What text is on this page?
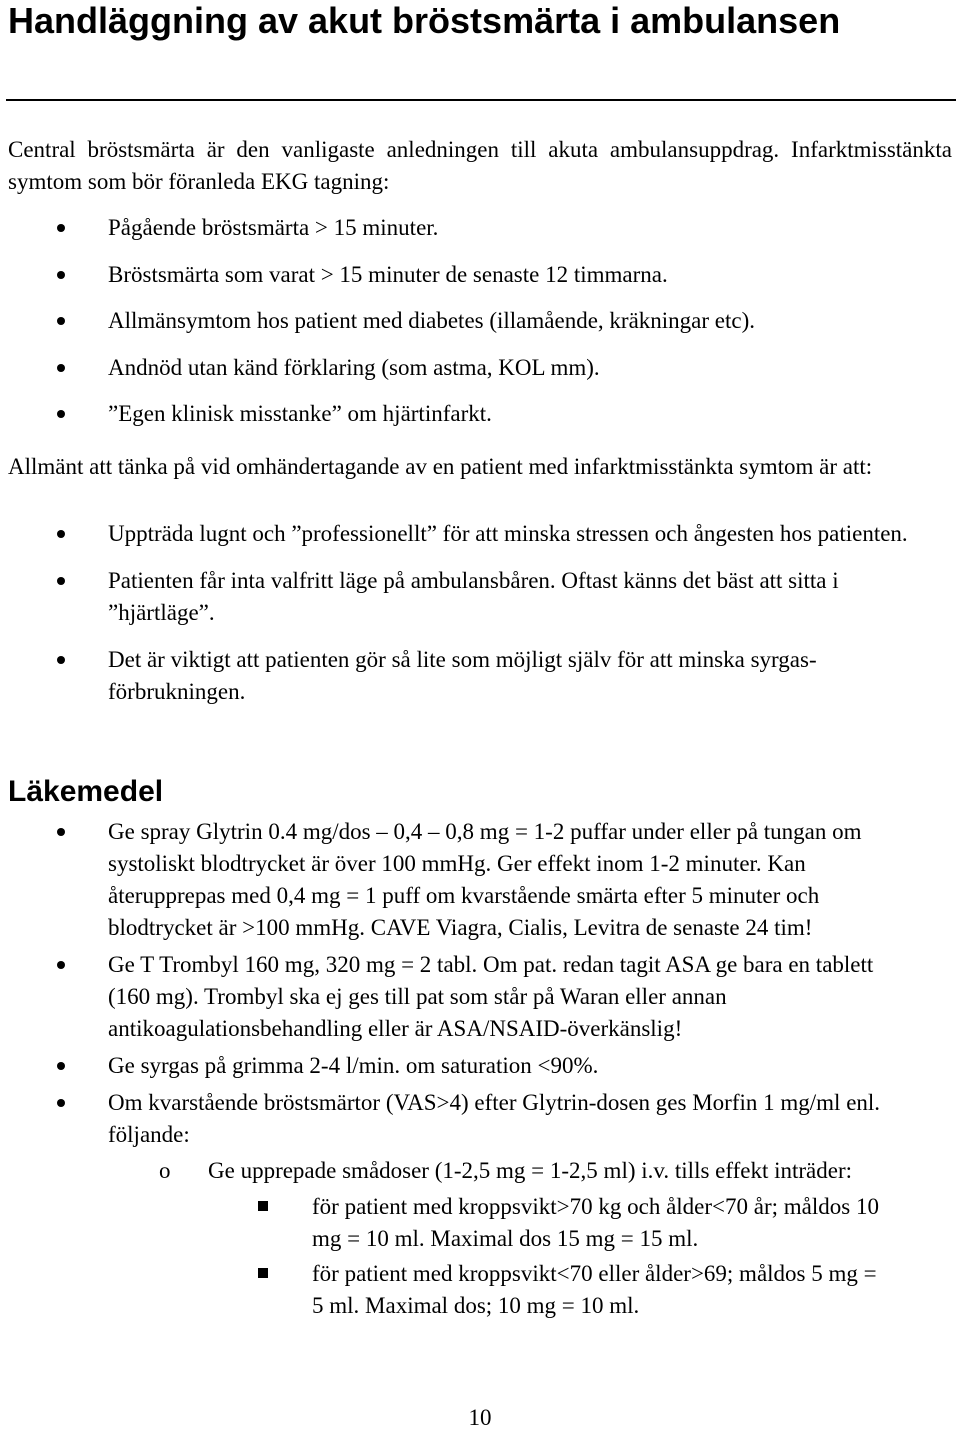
Handläggning av akut bröstsmärta i ambulansen

Central bröstsmärta är den vanligaste anledningen till akuta ambulansuppdrag. Infarktmisstänkta symtom som bör föranleda EKG tagning:

Pågående bröstsmärta > 15 minuter.
Bröstsmärta som varat > 15 minuter de senaste 12 timmarna.
Allmänsymtom hos patient med diabetes (illamående, kräkningar etc).
Andnöd utan känd förklaring (som astma, KOL mm).
”Egen klinisk misstanke” om hjärtinfarkt.

Allmänt att tänka på vid omhändertagande av en patient med infarktmisstänkta symtom är att:

Uppträda lugnt och ”professionellt” för att minska stressen och ångesten hos patienten.
Patienten får inta valfritt läge på ambulansbåren. Oftast känns det bäst att sitta i ”hjärtläge”.
Det är viktigt att patienten gör så lite som möjligt själv för att minska syrgas-förbrukningen.
Läkemedel
Ge spray Glytrin 0.4 mg/dos – 0,4 – 0,8 mg = 1-2 puffar under eller på tungan om systoliskt blodtrycket är över 100 mmHg. Ger effekt inom 1-2 minuter. Kan återupprepas med 0,4 mg = 1 puff om kvarstående smärta efter 5 minuter och blodtrycket är >100 mmHg. CAVE Viagra, Cialis, Levitra de senaste 24 tim!
Ge T Trombyl 160 mg, 320 mg = 2 tabl. Om pat. redan tagit ASA ge bara en tablett (160 mg). Trombyl ska ej ges till pat som står på Waran eller annan antikoagulationsbehandling eller är ASA/NSAID-överkänslig!
Ge syrgas på grimma 2-4 l/min. om saturation <90%.
Om kvarstående bröstsmärtor (VAS>4) efter Glytrin-dosen ges Morfin 1 mg/ml enl. följande:
o Ge upprepade smådoser (1-2,5 mg = 1-2,5 ml) i.v. tills effekt inträder:
för patient med kroppsvikt>70 kg och ålder<70 år; måldos 10 mg = 10 ml. Maximal dos 15 mg = 15 ml.
för patient med kroppsvikt<70 eller ålder>69; måldos 5 mg = 5 ml. Maximal dos; 10 mg = 10 ml.
10
